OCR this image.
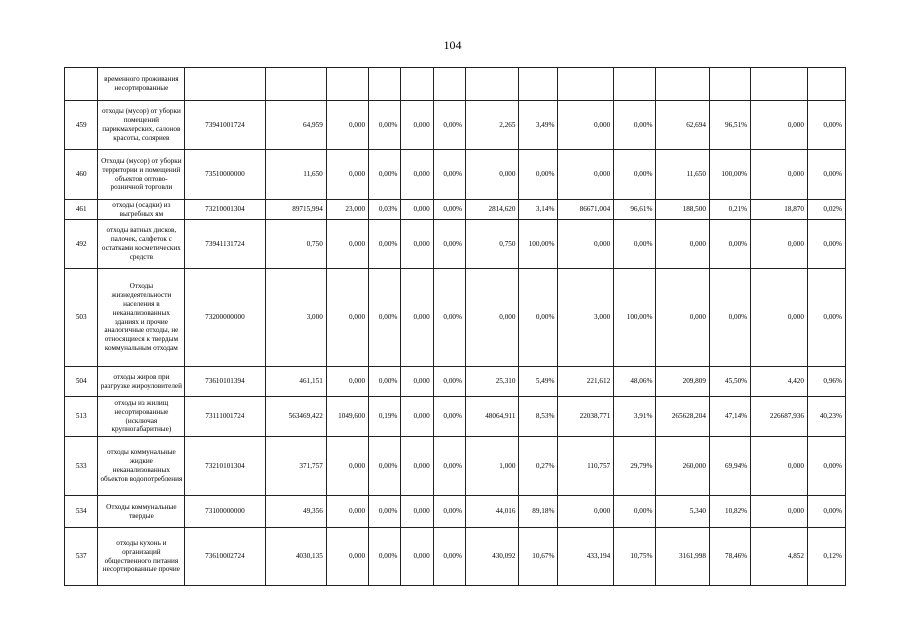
104
	временного проживания несортированные														
459	отходы (мусор) от уборки помещений парикмахерских, салонов красоты, соляриев	73941001724	64,959	0,000	0,00%	0,000	0,00%	2,265	3,49%	0,000	0,00%	62,694	96,51%	0,000	0,00%
460	Отходы (мусор) от уборки территории и помещений объектов оптово-розничной торговли	73510000000	11,650	0,000	0,00%	0,000	0,00%	0,000	0,00%	0,000	0,00%	11,650	100,00%	0,000	0,00%
461	отходы (осадки) из выгребных ям	73210001304	89715,994	23,000	0,03%	0,000	0,00%	2814,620	3,14%	86671,004	96,61%	188,500	0,21%	18,870	0,02%
492	отходы ватных дисков, палочек, салфеток с остатками косметических средств	73941131724	0,750	0,000	0,00%	0,000	0,00%	0,750	100,00%	0,000	0,00%	0,000	0,00%	0,000	0,00%
503	Отходы жизнедеятельности населения в неканализованных зданиях и прочие аналогичные отходы, не относящиеся к твердым коммунальным отходам	73200000000	3,000	0,000	0,00%	0,000	0,00%	0,000	0,00%	3,000	100,00%	0,000	0,00%	0,000	0,00%
504	отходы жиров при разгрузке жироуловителей	73610101394	461,151	0,000	0,00%	0,000	0,00%	25,310	5,49%	221,612	48,06%	209,809	45,50%	4,420	0,96%
513	отходы из жилищ несортированные (исключая крупногабаритные)	73111001724	563469,422	1049,600	0,19%	0,000	0,00%	48064,911	8,53%	22038,771	3,91%	265628,204	47,14%	226687,936	40,23%
533	отходы коммунальные жидкие неканализованных объектов водопотребления	73210101304	371,757	0,000	0,00%	0,000	0,00%	1,000	0,27%	110,757	29,79%	260,000	69,94%	0,000	0,00%
534	Отходы коммунальные твердые	73100000000	49,356	0,000	0,00%	0,000	0,00%	44,016	89,18%	0,000	0,00%	5,340	10,82%	0,000	0,00%
537	отходы кухонь и организаций общественного питания несортированные прочие	73610002724	4030,135	0,000	0,00%	0,000	0,00%	430,092	10,67%	433,194	10,75%	3161,998	78,46%	4,852	0,12%
